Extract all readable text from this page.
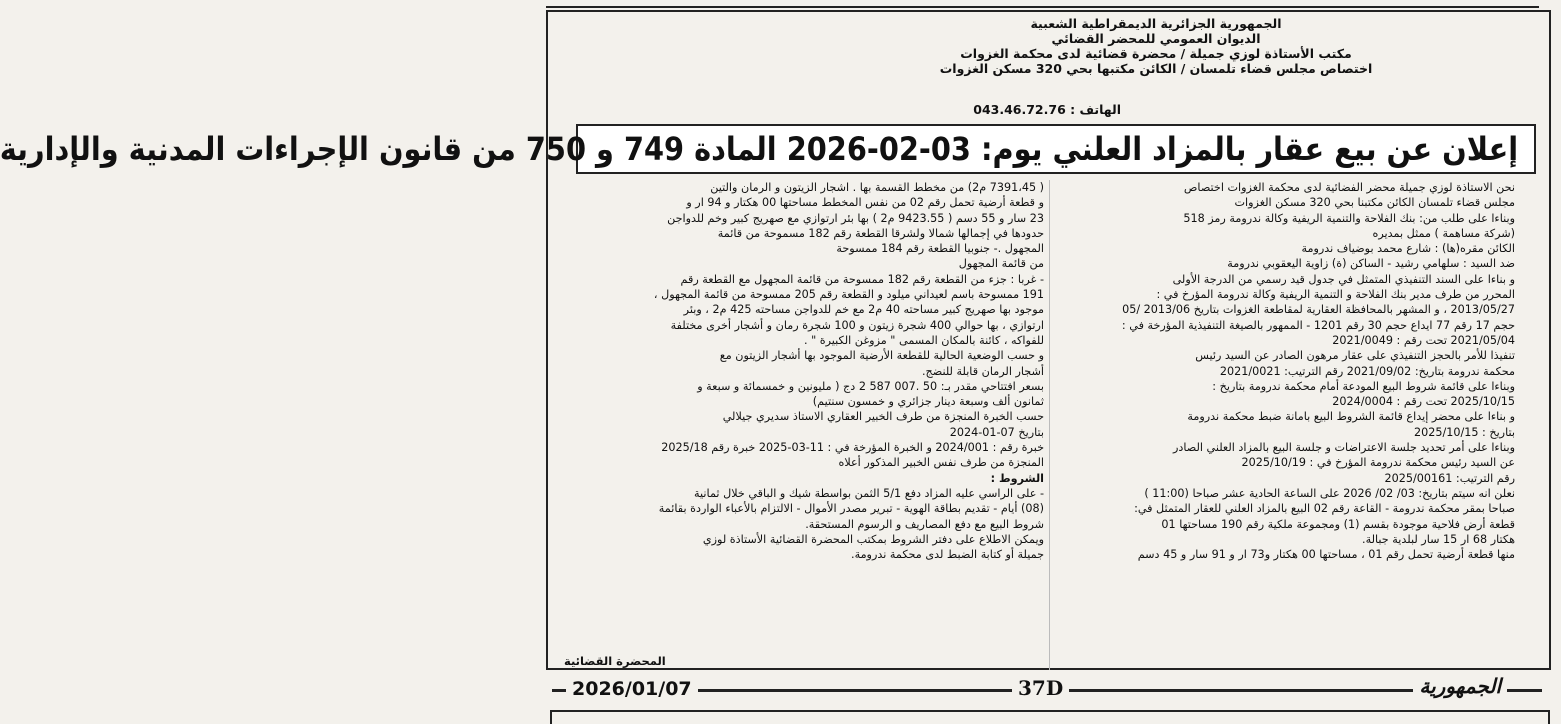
الجمهورية الجزائرية الديمقراطية الشعبية
الديوان العمومي للمحضر القضائي
مكتب الأستاذة لوزي جميلة / محضرة قضائية لدى محكمة الغزوات
اختصاص مجلس قضاء تلمسان / الكائن مكتبها بحي 320 مسكن الغزوات
الهاتف : 043.46.72.76
إعلان عن بيع عقار بالمزاد العلني يوم: 03-02-2026 المادة 749 و 750 من قانون الإجراءات المدنية والإدارية

نحن الاستاذة لوزي جميلة محضر الفضائية لدى محكمة الغزوات اختصاص

مجلس قضاء تلمسان الكائن مكتبنا بحي 320 مسكن الغزوات

وبناءا على طلب من: بنك الفلاحة والتنمية الريفية وكالة ندرومة رمز 518

(شركة مساهمة ) ممثل بمديره

الكائن مقره(ها) : شارع محمد بوضياف ندرومة

ضد السيد : سلهامي رشيد - الساكن (ة) زاوية اليعقوبي ندرومة

و بناءا على السند التنفيذي المتمثل في جدول قيد رسمي من الدرجة الأولى

المحرر من طرف مدير بنك الفلاحة و التنمية الريفية وكالة ندرومة المؤرخ في :

2013/05/27 ، و المشهر بالمحافظة العقارية لمقاطعة الغزوات بتاريخ 2013/06 /05

حجم 17 رقم 77 ايداع حجم 30 رقم 1201 - الممهور بالصيغة التنفيذية المؤرخة في :

2021/05/04 تحت رقم : 2021/0049

تنفيذا للأمر بالحجز التنفيذي على عقار مرهون الصادر عن السيد رئيس

محكمة ندرومة بتاريخ: 2021/09/02 رقم الترتيب: 2021/0021

وبناءا على قائمة شروط البيع المودعة أمام محكمة ندرومة بتاريخ :

2025/10/15 تحت رقم : 2024/0004

و بناءا على محضر إيداع قائمة الشروط البيع بامانة ضبط محكمة ندرومة

بتاريخ : 2025/10/15

وبناءا على أمر تحديد جلسة الاعتراضات و جلسة البيع بالمزاد العلني الصادر

عن السيد رئيس محكمة ندرومة المؤرخ في : 2025/10/19

رقم الترتيب: 2025/00161

نعلن انه سيتم بتاريخ: 03/ 02/ 2026 على الساعة الحادية عشر صباحا (11:00 )

صباحا بمقر محكمة ندرومة - القاعة رقم 02 البيع بالمزاد العلني للعقار المتمثل في:

قطعة أرض فلاحية موجودة بقسم (1) ومجموعة ملكية رقم 190 مساحتها 01

هكتار 68 ار 15 سار لبلدية جبالة.

منها قطعة أرضية تحمل رقم 01 ، مساحتها 00 هكتار و73 ار و 91 سار و 45 دسم

( 7391،45 م2) من مخطط القسمة بها . اشجار الزيتون و الرمان والتين

و قطعة أرضية تحمل رقم 02 من نفس المخطط مساحتها 00 هكتار و 94 ار و

23 سار و 55 دسم ( 9423.55 م2 ) بها بئر ارتوازي مع صهريج كبير وخم للدواجن

حدودها في إجمالها شمالا ولشرقا القطعة رقم 182 مسموحة من قائمة

المجهول .- جنوبيا القطعة رقم 184 ممسوحة

من قائمة المجهول

- غربا : جزء من القطعة رقم 182 ممسوحة من قائمة المجهول مع القطعة رقم

191 ممسوحة باسم لعيداني ميلود و القطعة رقم 205 ممسوحة من قائمة المجهول ،

موجود بها صهريج كبير مساحته 40 م2 مع خم للدواجن مساحته 425 م2 ، وبئر

ارتوازي ، بها حوالي 400 شجرة زيتون و 100 شجرة رمان و أشجار أخرى مختلفة

للفواكه ، كائنة بالمكان المسمى " مزوغن الكبيرة " .

و حسب الوضعية الحالية للقطعة الأرضية الموجود بها أشجار الزيتون مع

أشجار الرمان قابلة للنضج.

بسعر افتتاحي مقدر بـ: 50 .007 587 2 دج ( مليونين و خمسمائة و سبعة و

ثمانون ألف وسبعة دينار جزائري و خمسون سنتيم)

حسب الخبرة المنجزة من طرف الخبير العقاري الاستاذ سديري جيلالي

بتاريخ 07-01-2024

خبرة رقم : 2024/001 و الخبرة المؤرخة في : 11-03-2025 خبرة رقم 2025/18

المنجزة من طرف نفس الخبير المذكور أعلاه

الشروط :

- على الراسي عليه المزاد دفع 5/1 الثمن بواسطة شيك و الباقي خلال ثمانية

(08) أيام - تقديم بطاقة الهوية - تبرير مصدر الأموال - الالتزام بالأعباء الواردة بقائمة

شروط البيع مع دفع المصاريف و الرسوم المستحقة.

ويمكن الاطلاع على دفتر الشروط بمكتب المحضرة القضائية الأستاذة لوزي

جميلة أو كتابة الضبط لدى محكمة ندرومة.

المحضرة القضائية
2026/01/07	37D	الجمهورية
